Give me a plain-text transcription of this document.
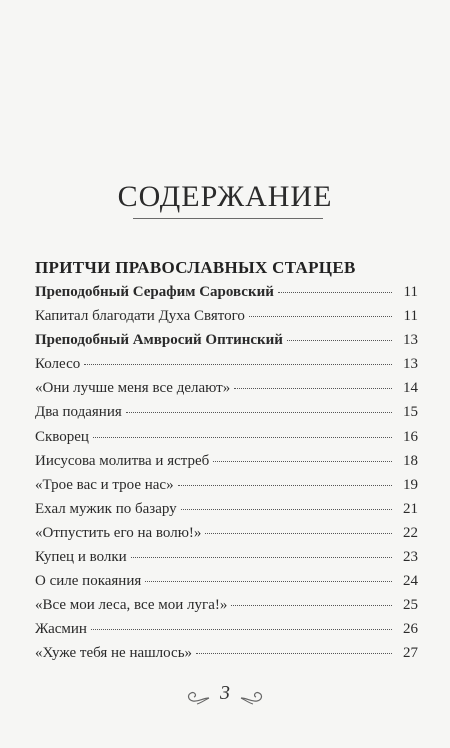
СОДЕРЖАНИЕ
ПРИТЧИ ПРАВОСЛАВНЫХ СТАРЦЕВ
Преподобный Серафим Саровский	11
Капитал благодати Духа Святого	11
Преподобный Амвросий Оптинский	13
Колесо	13
«Они лучше меня все делают»	14
Два подаяния	15
Скворец	16
Иисусова молитва и ястреб	18
«Трое вас и трое нас»	19
Ехал мужик по базару	21
«Отпустить его на волю!»	22
Купец и волки	23
О силе покаяния	24
«Все мои леса, все мои луга!»	25
Жасмин	26
«Хуже тебя не нашлось»	27
3
